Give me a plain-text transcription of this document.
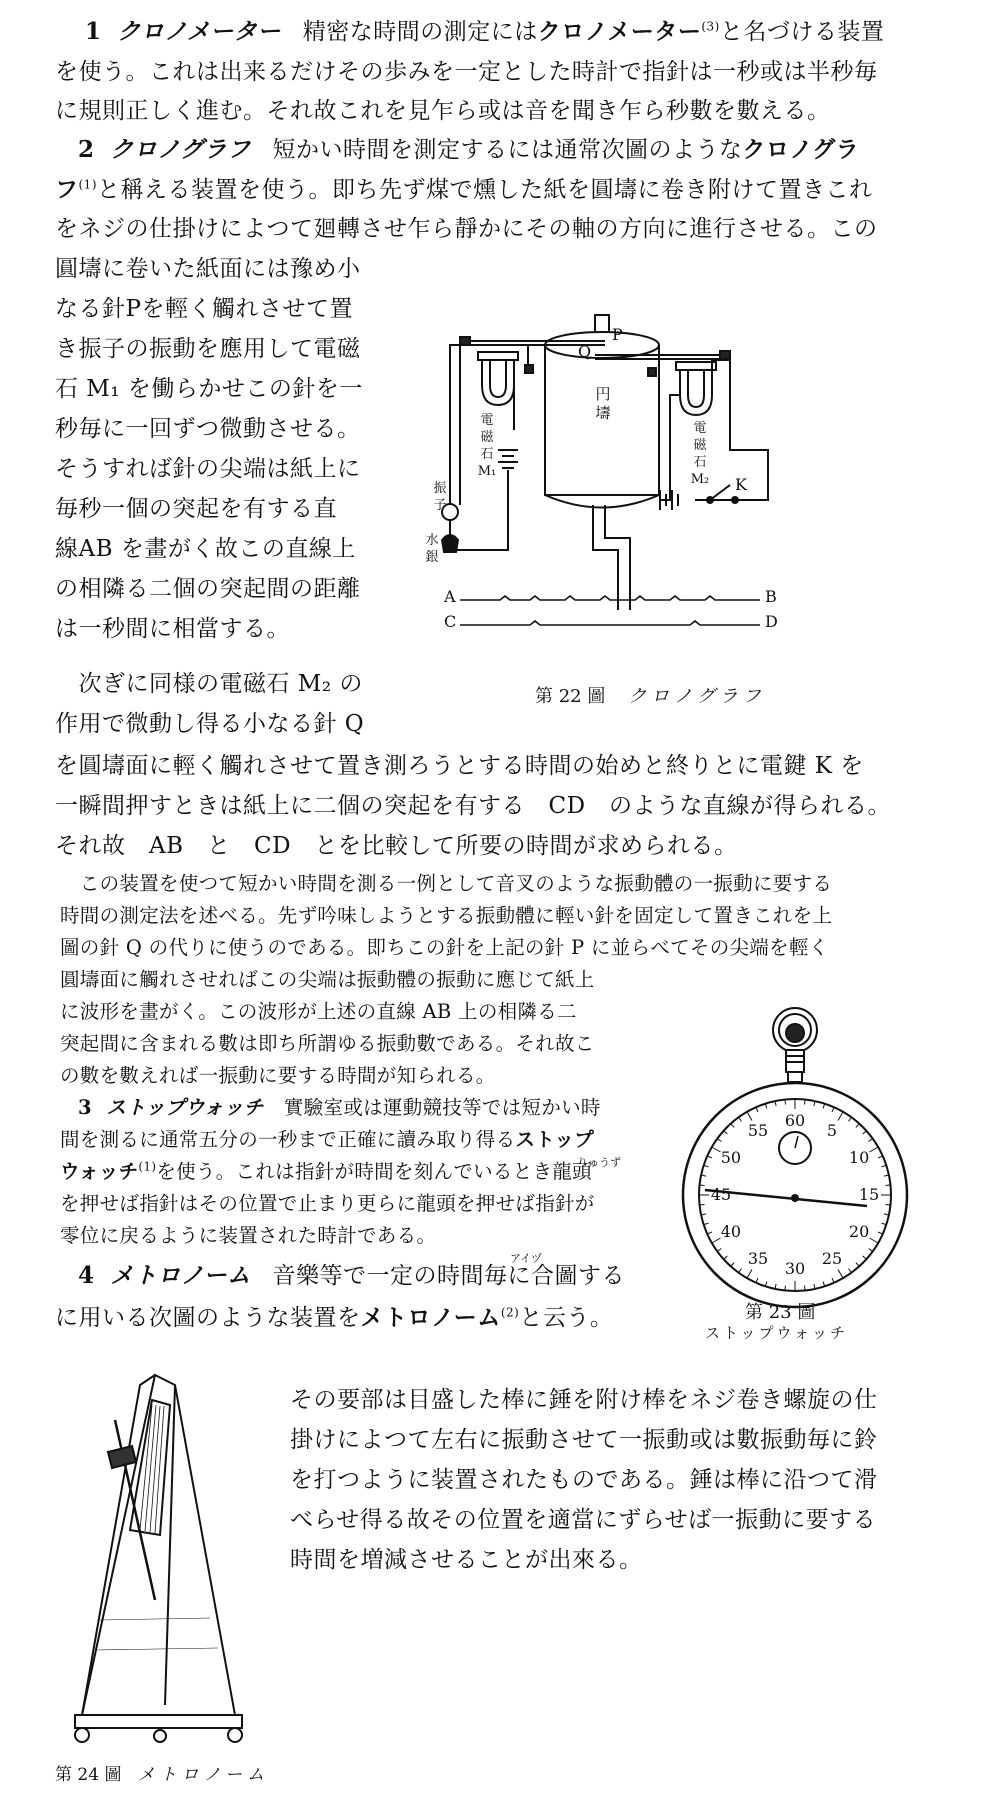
1 クロノメーター 精密な時間の測定にはクロノメーター$^{(3)}$と名づける装置
を使う。これは出来るだけその歩みを一定とした時計で指針は一秒或は半秒毎
に規則正しく進む。それ故これを見乍ら或は音を聞き乍ら秒數を數える。
2 クロノグラフ 短かい時間を測定するには通常次圖のようなクロノグラ
フ$^{(1)}$と稱える装置を使う。即ち先ず煤で燻した紙を圓壔に卷き附けて置きこれ
をネジの仕掛けによつて廻轉させ乍ら靜かにその軸の方向に進行させる。この
圓壔に卷いた紙面には豫め小
なる針Pを輕く觸れさせて置
き振子の振動を應用して電磁
石 M₁ を働らかせこの針を一
秒毎に一回ずつ微動させる。
そうすれば針の尖端は紙上に
毎秒一個の突起を有する直
線AB を畫がく故この直線上
の相隣る二個の突起間の距離
は一秒間に相當する。
　次ぎに同様の電磁石 M₂ の
作用で微動し得る小なる針 Q
を圓壔面に輕く觸れさせて置き測ろうとする時間の始めと終りとに電鍵 K を
一瞬間押すときは紙上に二個の突起を有する　CD　のような直線が得られる。
それ故　AB　と　CD　とを比較して所要の時間が求められる。
P
Q
K
A	B
C	D
円
壔
電
磁
石
M₁
電
磁
石
M₂
振
子
水
銀
第 22 圖 クロノグラフ
　この装置を使つて短かい時間を測る一例として音叉のような振動體の一振動に要する
時間の測定法を述べる。先ず吟味しようとする振動體に輕い針を固定して置きこれを上
圖の針 Q の代りに使うのである。即ちこの針を上記の針 P に並らべてその尖端を輕く
圓壔面に觸れさせればこの尖端は振動體の振動に應じて紙上
に波形を畫がく。この波形が上述の直線 AB 上の相隣る二
突起間に含まれる數は即ち所謂ゆる振動數である。それ故こ
の數を數えれば一振動に要する時間が知られる。
3 ストップウォッチ 實驗室或は運動競技等では短かい時
間を測るに通常五分の一秒まで正確に讀み取り得るストップ
りゅうず
ウォッチ$^{(1)}$を使う。これは指針が時間を刻んでいるとき龍頭
を押せば指針はその位置で止まり更らに龍頭を押せば指針が
零位に戻るように装置された時計である。
60
5
10
15
20
25
30
35
40
45
50
55
第 23 圖
ストップウォッチ
アイヅ
4 メトロノーム 音樂等で一定の時間毎に合圖する
に用いる次圖のような装置をメトロノーム$^{(2)}$と云う。
その要部は目盛した棒に錘を附け棒をネジ卷き螺旋の仕
掛けによつて左右に振動させて一振動或は數振動毎に鈴
を打つように装置されたものである。錘は棒に沿つて滑
べらせ得る故その位置を適當にずらせば一振動に要する
時間を増減させることが出來る。
第 24 圖 メトロノーム
